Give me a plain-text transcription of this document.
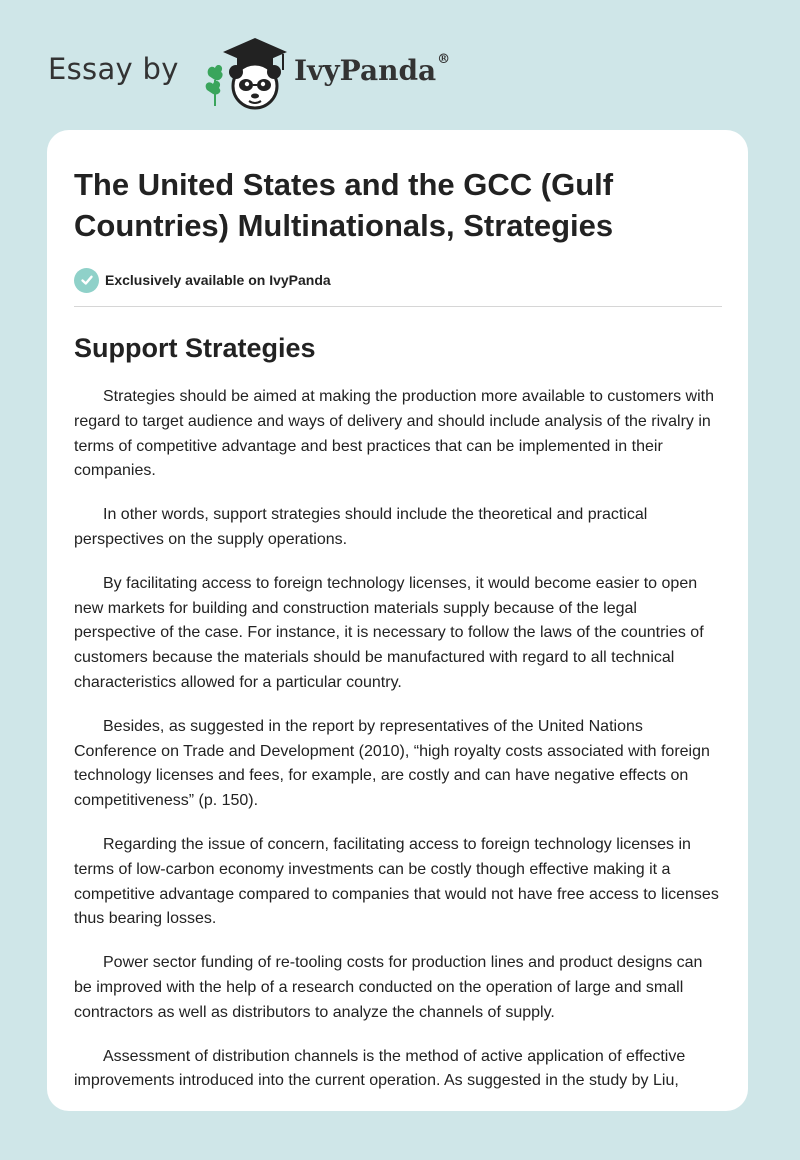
Essay by	IvyPanda®
The United States and the GCC (Gulf Countries) Multinationals, Strategies
Exclusively available on IvyPanda
Support Strategies

Strategies should be aimed at making the production more available to customers with regard to target audience and ways of delivery and should include analysis of the rivalry in terms of competitive advantage and best practices that can be implemented in their companies.

In other words, support strategies should include the theoretical and practical perspectives on the supply operations.

By facilitating access to foreign technology licenses, it would become easier to open new markets for building and construction materials supply because of the legal perspective of the case. For instance, it is necessary to follow the laws of the countries of customers because the materials should be manufactured with regard to all technical characteristics allowed for a particular country.

Besides, as suggested in the report by representatives of the United Nations Conference on Trade and Development (2010), “high royalty costs associated with foreign technology licenses and fees, for example, are costly and can have negative effects on competitiveness” (p. 150).

Regarding the issue of concern, facilitating access to foreign technology licenses in terms of low-carbon economy investments can be costly though effective making it a competitive advantage compared to companies that would not have free access to licenses thus bearing losses.

Power sector funding of re-tooling costs for production lines and product designs can be improved with the help of a research conducted on the operation of large and small contractors as well as distributors to analyze the channels of supply.

Assessment of distribution channels is the method of active application of effective improvements introduced into the current operation. As suggested in the study by Liu,
